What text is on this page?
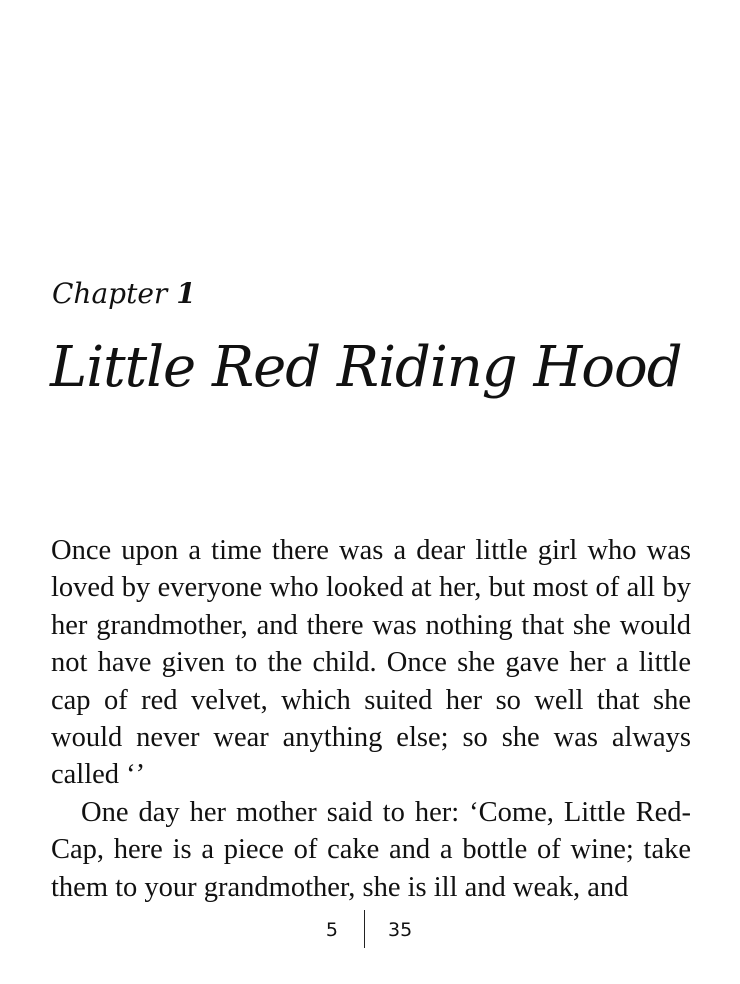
Chapter 1
Little Red Riding Hood

Once upon a time there was a dear little girl who was loved by everyone who looked at her, but most of all by her grandmother, and there was nothing that she would not have given to the child. Once she gave her a little cap of red velvet, which suited her so well that she would never wear anything else; so she was always called ‘’

One day her mother said to her: ‘Come, Little Red-Cap, here is a piece of cake and a bottle of wine; take them to your grandmother, she is ill and weak, and

5	35
